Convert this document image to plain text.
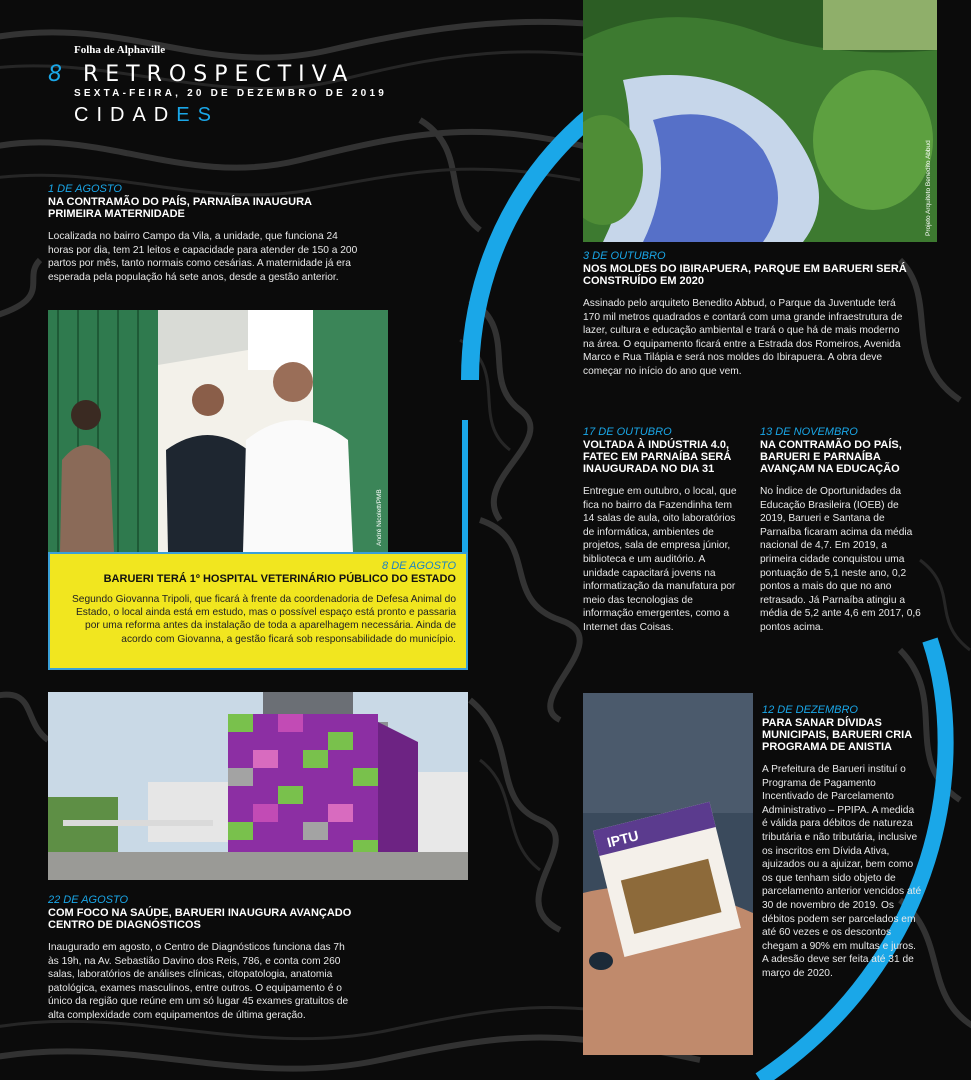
Folha de Alphaville
8 RETROSPECTIVA
SEXTA-FEIRA, 20 DE DEZEMBRO DE 2019
CIDADES
1 DE AGOSTO
NA CONTRAMÃO DO PAÍS, PARNAÍBA INAUGURA PRIMEIRA MATERNIDADE
Localizada no bairro Campo da Vila, a unidade, que funciona 24 horas por dia, tem 21 leitos e capacidade para atender de 150 a 200 partos por mês, tanto normais como cesárias. A maternidade já era esperada pela população há sete anos, desde a gestão anterior.
André Nicolett/PMB
8 DE AGOSTO
BARUERI TERÁ 1º HOSPITAL VETERINÁRIO PÚBLICO DO ESTADO
Segundo Giovanna Tripoli, que ficará à frente da coordenadoria de Defesa Animal do Estado, o local ainda está em estudo, mas o possível espaço está pronto e passaria por uma reforma antes da instalação de toda a aparelhagem necessária. Ainda de acordo com Giovanna, a gestão ficará sob responsabilidade do município.
22 DE AGOSTO
COM FOCO NA SAÚDE, BARUERI INAUGURA AVANÇADO CENTRO DE DIAGNÓSTICOS
Inaugurado em agosto, o Centro de Diagnósticos funciona das 7h às 19h, na Av. Sebastião Davino dos Reis, 786, e conta com 260 salas, laboratórios de análises clínicas, citopatologia, anatomia patológica, exames masculinos, entre outros. O equipamento é o único da região que reúne em um só lugar 45 exames gratuitos de alta complexidade com equipamentos de última geração.
Projeto Arquiteto Benedito Abbud
3 DE OUTUBRO
NOS MOLDES DO IBIRAPUERA, PARQUE EM BARUERI SERÁ CONSTRUÍDO EM 2020
Assinado pelo arquiteto Benedito Abbud, o Parque da Juventude terá 170 mil metros quadrados e contará com uma grande infraestrutura de lazer, cultura e educação ambiental e trará o que há de mais moderno na área. O equipamento ficará entre a Estrada dos Romeiros, Avenida Marco e Rua Tilápia e será nos moldes do Ibirapuera. A obra deve começar no início do ano que vem.
17 DE OUTUBRO
VOLTADA À INDÚSTRIA 4.0, FATEC EM PARNAÍBA SERÁ INAUGURADA NO DIA 31
Entregue em outubro, o local, que fica no bairro da Fazendinha tem 14 salas de aula, oito laboratórios de informática, ambientes de projetos, sala de empresa júnior, biblioteca e um auditório. A unidade capacitará jovens na informatização da manufatura por meio das tecnologias de informação emergentes, como a Internet das Coisas.
13 DE NOVEMBRO
NA CONTRAMÃO DO PAÍS, BARUERI E PARNAÍBA AVANÇAM NA EDUCAÇÃO
No Índice de Oportunidades da Educação Brasileira (IOEB) de 2019, Barueri e Santana de Parnaíba ficaram acima da média nacional de 4,7. Em 2019, a primeira cidade conquistou uma pontuação de 5,1 neste ano, 0,2 pontos a mais do que no ano retrasado. Já Parnaíba atingiu a média de 5,2 ante 4,6 em 2017, 0,6 pontos acima.
IPTU
12 DE DEZEMBRO
PARA SANAR DÍVIDAS MUNICIPAIS, BARUERI CRIA PROGRAMA DE ANISTIA
A Prefeitura de Barueri instituí o Programa de Pagamento Incentivado de Parcelamento Administrativo – PPIPA. A medida é válida para débitos de natureza tributária e não tributária, inclusive os inscritos em Dívida Ativa, ajuizados ou a ajuizar, bem como os que tenham sido objeto de parcelamento anterior vencidos até 30 de novembro de 2019. Os débitos podem ser parcelados em até 60 vezes e os descontos chegam a 90% em multas e juros. A adesão deve ser feita até 31 de março de 2020.
